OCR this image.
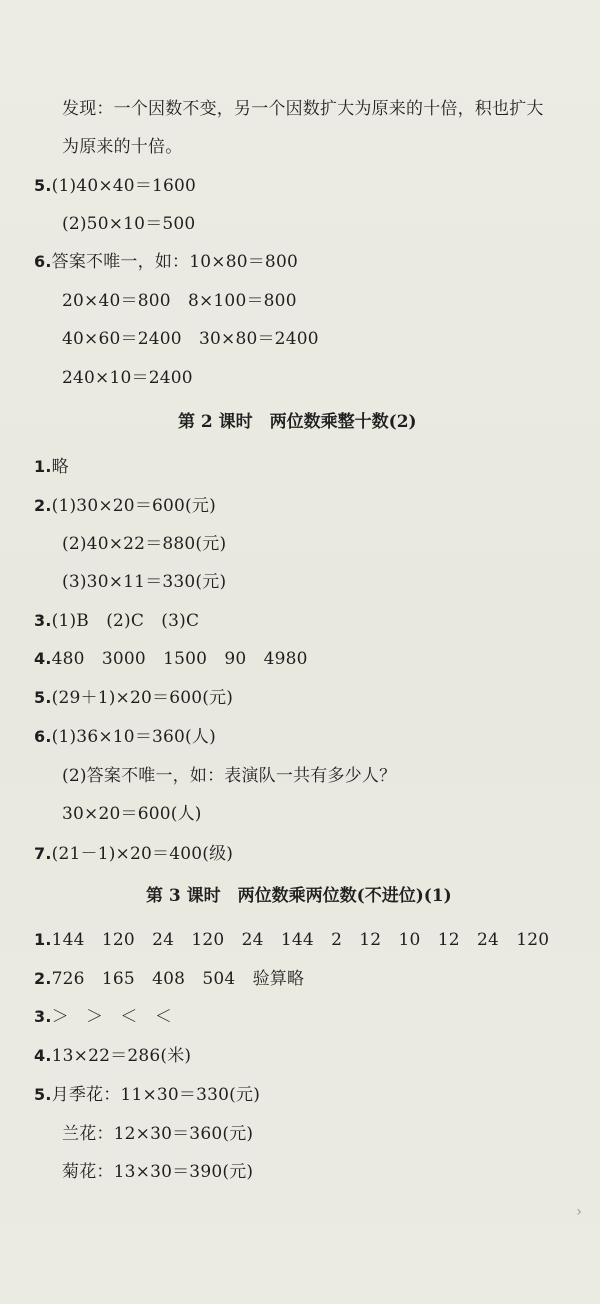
发现：一个因数不变，另一个因数扩大为原来的十倍，积也扩大
为原来的十倍。
5.(1)40×40＝1600
(2)50×10＝500
6.答案不唯一，如：10×80＝800
20×40＝800　8×100＝800
40×60＝2400　30×80＝2400
240×10＝2400
第 2 课时　两位数乘整十数(2)
1.略
2.(1)30×20＝600(元)
(2)40×22＝880(元)
(3)30×11＝330(元)
3.(1)B　(2)C　(3)C
4.480　3000　1500　90　4980
5.(29＋1)×20＝600(元)
6.(1)36×10＝360(人)
(2)答案不唯一，如：表演队一共有多少人？
30×20＝600(人)
7.(21－1)×20＝400(级)
第 3 课时　两位数乘两位数(不进位)(1)
1.144　120　24　120　24　144　2　12　10　12　24　120
2.726　165　408　504　验算略
3.＞　＞　＜　＜
4.13×22＝286(米)
5.月季花：11×30＝330(元)
兰花：12×30＝360(元)
菊花：13×30＝390(元)
›
